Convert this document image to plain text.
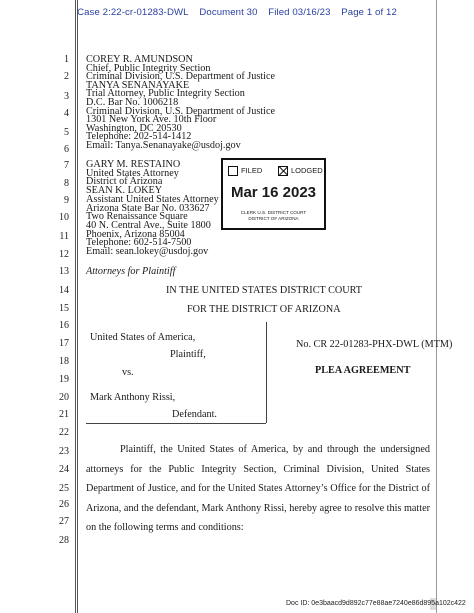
Case 2:22-cr-01283-DWL Document 30 Filed 03/16/23 Page 1 of 12
1
2
3
4
5
6
7
8
9
10
11
12
13
14
15
16
17
18
19
20
21
22
23
24
25
26
27
28
COREY R. AMUNDSON
Chief, Public Integrity Section
Criminal Division, U.S. Department of Justice
TANYA SENANAYAKE
Trial Attorney, Public Integrity Section
D.C. Bar No. 1006218
Criminal Division, U.S. Department of Justice
1301 New York Ave. 10th Floor
Washington, DC 20530
Telephone: 202-514-1412
Email: Tanya.Senanayake@usdoj.gov
GARY M. RESTAINO
United States Attorney
District of Arizona
SEAN K. LOKEY
Assistant United States Attorney
Arizona State Bar No. 033627
Two Renaissance Square
40 N. Central Ave., Suite 1800
Phoenix, Arizona 85004
Telephone: 602-514-7500
Email: sean.lokey@usdoj.gov
Attorneys for Plaintiff
FILED	LODGED
Mar 16 2023
CLERK U.S. DISTRICT COURT
DISTRICT OF ARIZONA
IN THE UNITED STATES DISTRICT COURT
FOR THE DISTRICT OF ARIZONA
United States of America,
Plaintiff,
vs.
Mark Anthony Rissi,
Defendant.
No. CR 22-01283-PHX-DWL (MTM)
PLEA AGREEMENT
Plaintiff, the United States of America, by and through the undersigned attorneys for the Public Integrity Section, Criminal Division, United States Department of Justice, and for the United States Attorney’s Office for the District of Arizona, and the defendant, Mark Anthony Rissi, hereby agree to resolve this matter on the following terms and conditions:
Doc ID: 0e3baacd9d892c77e88ae7240e86d895a102c422
